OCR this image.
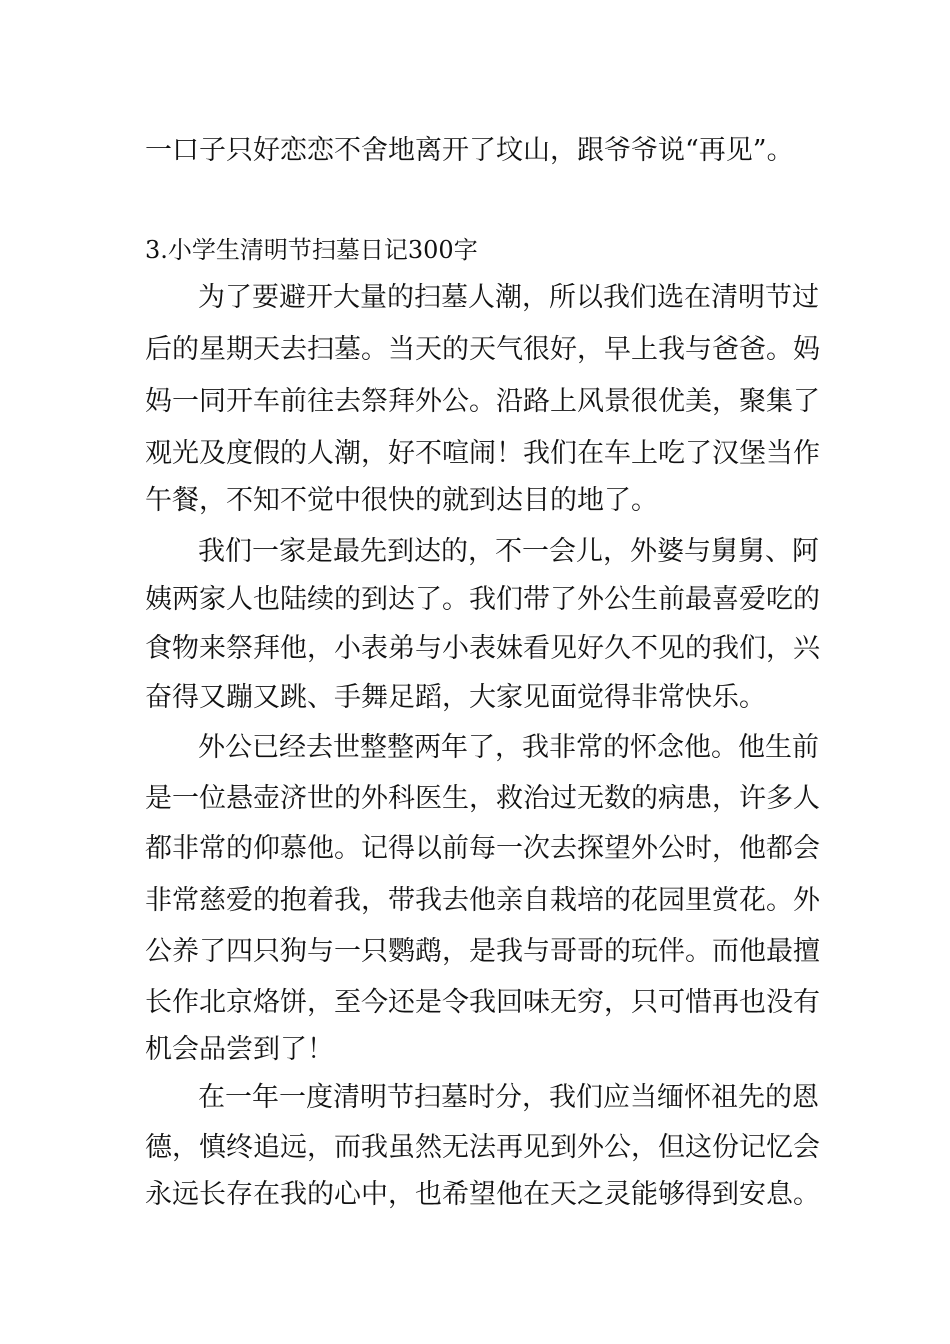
一口子只好恋恋不舍地离开了坟山，跟爷爷说“再见”。
3.小学生清明节扫墓日记300字
为了要避开大量的扫墓人潮，所以我们选在清明节过
后的星期天去扫墓。当天的天气很好，早上我与爸爸。妈
妈一同开车前往去祭拜外公。沿路上风景很优美，聚集了
观光及度假的人潮，好不喧闹！我们在车上吃了汉堡当作
午餐，不知不觉中很快的就到达目的地了。
我们一家是最先到达的，不一会儿，外婆与舅舅、阿
姨两家人也陆续的到达了。我们带了外公生前最喜爱吃的
食物来祭拜他，小表弟与小表妹看见好久不见的我们，兴
奋得又蹦又跳、手舞足蹈，大家见面觉得非常快乐。
外公已经去世整整两年了，我非常的怀念他。他生前
是一位悬壶济世的外科医生，救治过无数的病患，许多人
都非常的仰慕他。记得以前每一次去探望外公时，他都会
非常慈爱的抱着我，带我去他亲自栽培的花园里赏花。外
公养了四只狗与一只鹦鹉，是我与哥哥的玩伴。而他最擅
长作北京烙饼，至今还是令我回味无穷，只可惜再也没有
机会品尝到了！
在一年一度清明节扫墓时分，我们应当缅怀祖先的恩
德，慎终追远，而我虽然无法再见到外公，但这份记忆会
永远长存在我的心中，也希望他在天之灵能够得到安息。
